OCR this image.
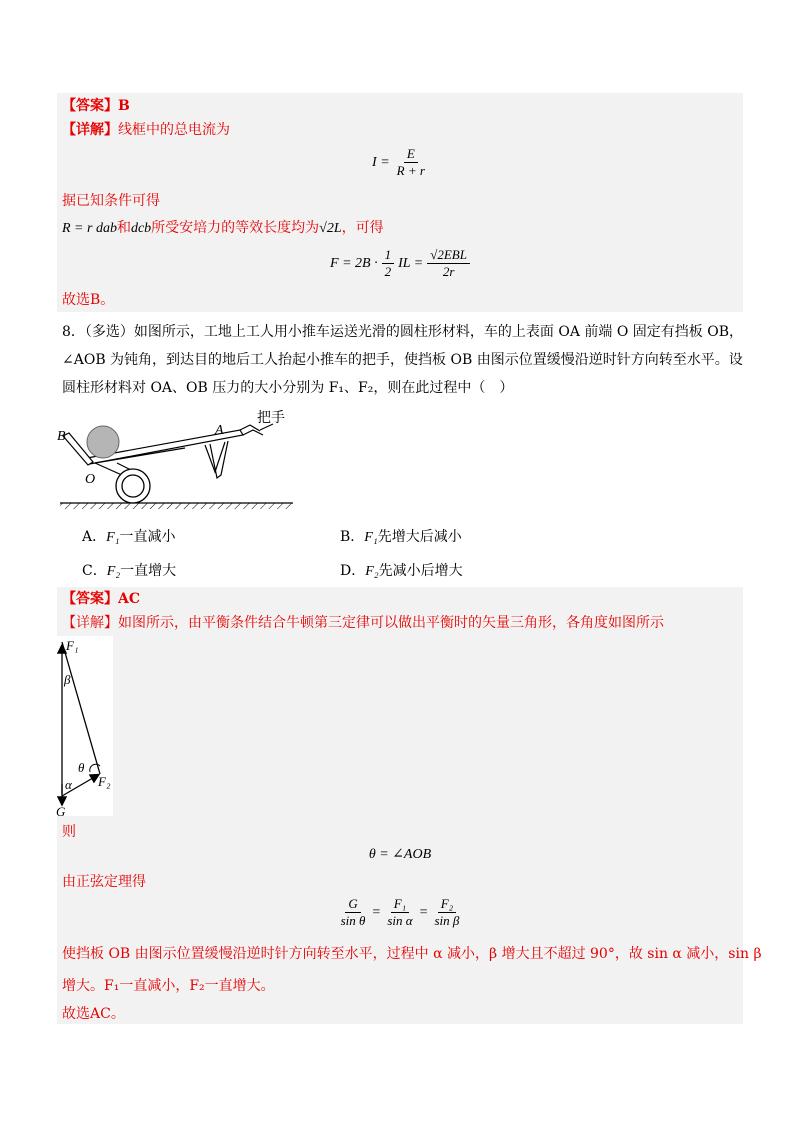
【答案】B
【详解】线框中的总电流为
$I = \frac{E}{R + r}$
据已知条件可得
R = r dab和dcb所受安培力的等效长度均为√2L，可得
$F = 2B \cdot \frac{1}{2}$ IL = $\frac{\text{√2EBL}}{2r}$
故选B。
8．（多选）如图所示，工地上工人用小推车运送光滑的圆柱形材料，车的上表面 OA 前端 O 固定有挡板 OB，
∠AOB 为钝角，到达目的地后工人抬起小推车的把手，使挡板 OB 由图示位置缓慢沿逆时针方向转至水平。设
圆柱形材料对 OA、OB 压力的大小分别为 F₁、F₂，则在此过程中（　）
把手
A
B
O
A．F₁一直减小	B．F₁先增大后减小
C．F₂一直增大	D．F₂先减小后增大
【答案】AC
【详解】如图所示，由平衡条件结合牛顿第三定律可以做出平衡时的矢量三角形，各角度如图所示
F₁
β
θ
α F₂
G
则
θ = ∠AOB
由正弦定理得
$\frac{G}{\text{sin θ}} = \frac{\text{F₁}}{\text{sin α}} = \frac{\text{F₂}}{\text{sin β}}$
使挡板 OB 由图示位置缓慢沿逆时针方向转至水平，过程中 α 减小，β 增大且不超过 90°，故 sin α 减小，sin β
增大。F₁一直减小，F₂一直增大。
故选AC。
